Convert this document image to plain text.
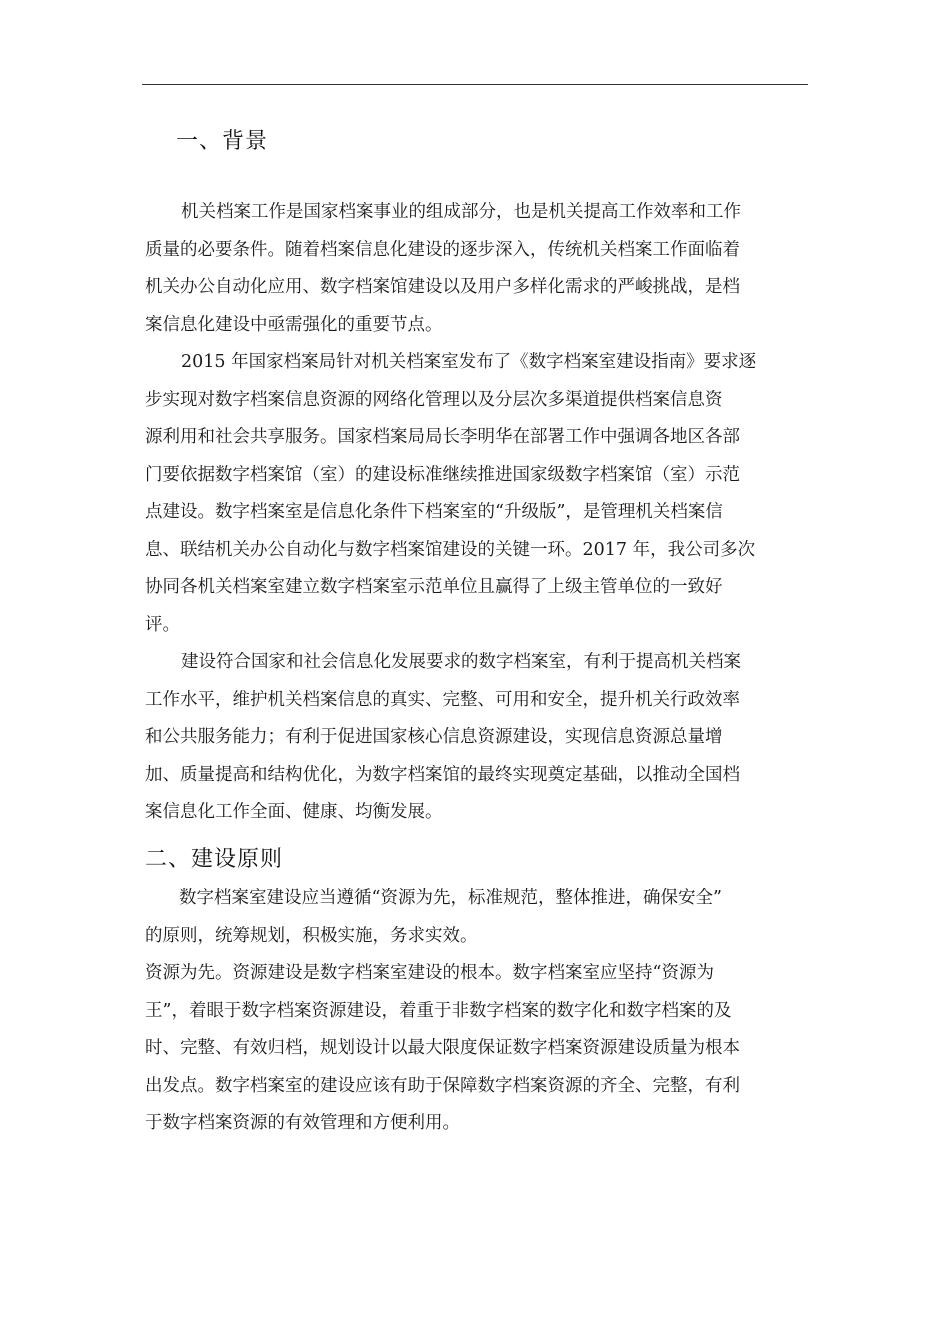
一、背景
机关档案工作是国家档案事业的组成部分，也是机关提高工作效率和工作
质量的必要条件。随着档案信息化建设的逐步深入，传统机关档案工作面临着
机关办公自动化应用、数字档案馆建设以及用户多样化需求的严峻挑战，是档
案信息化建设中亟需强化的重要节点。
2015 年国家档案局针对机关档案室发布了《数字档案室建设指南》要求逐
步实现对数字档案信息资源的网络化管理以及分层次多渠道提供档案信息资
源利用和社会共享服务。国家档案局局长李明华在部署工作中强调各地区各部
门要依据数字档案馆（室）的建设标准继续推进国家级数字档案馆（室）示范
点建设。数字档案室是信息化条件下档案室的“升级版”，是管理机关档案信
息、联结机关办公自动化与数字档案馆建设的关键一环。2017 年，我公司多次
协同各机关档案室建立数字档案室示范单位且赢得了上级主管单位的一致好
评。
建设符合国家和社会信息化发展要求的数字档案室，有利于提高机关档案
工作水平，维护机关档案信息的真实、完整、可用和安全，提升机关行政效率
和公共服务能力；有利于促进国家核心信息资源建设，实现信息资源总量增
加、质量提高和结构优化，为数字档案馆的最终实现奠定基础，以推动全国档
案信息化工作全面、健康、均衡发展。
二、建设原则
数字档案室建设应当遵循“资源为先，标准规范，整体推进，确保安全”
的原则，统筹规划，积极实施，务求实效。
资源为先。资源建设是数字档案室建设的根本。数字档案室应坚持“资源为
王”，着眼于数字档案资源建设，着重于非数字档案的数字化和数字档案的及
时、完整、有效归档，规划设计以最大限度保证数字档案资源建设质量为根本
出发点。数字档案室的建设应该有助于保障数字档案资源的齐全、完整，有利
于数字档案资源的有效管理和方便利用。
